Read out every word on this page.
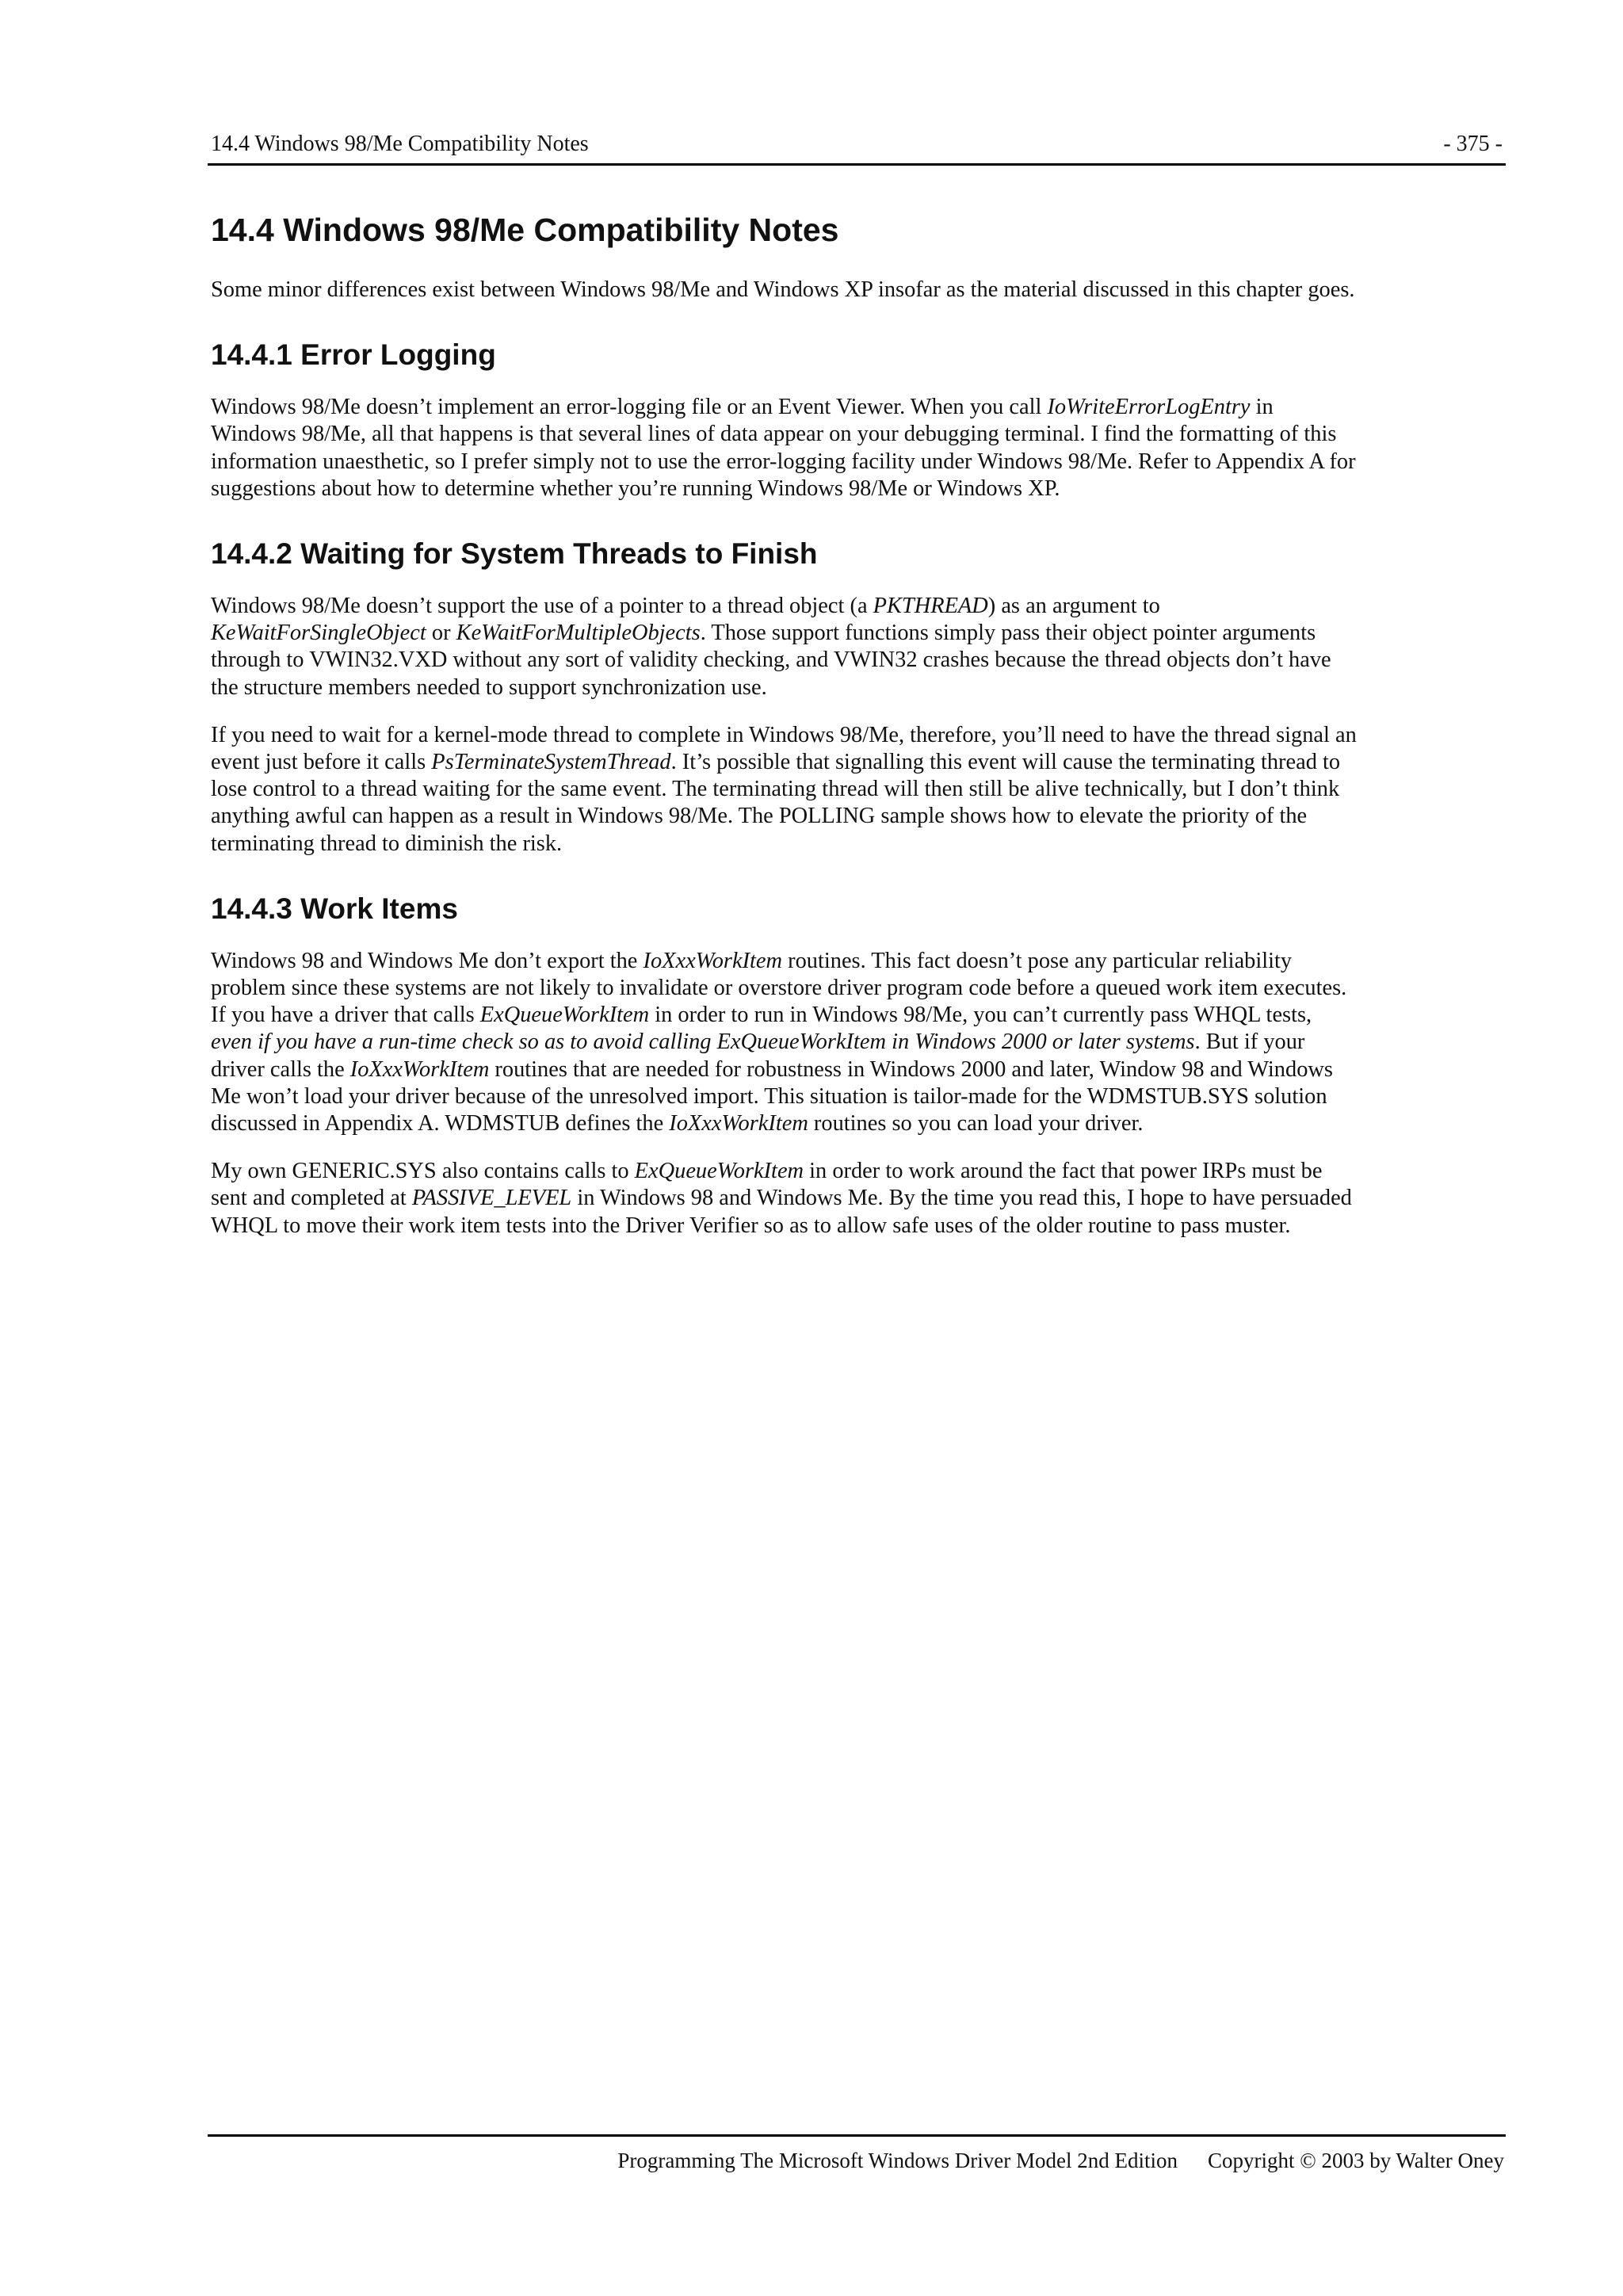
14.4 Windows 98/Me Compatibility Notes	- 375 -
14.4 Windows 98/Me Compatibility Notes

Some minor differences exist between Windows 98/Me and Windows XP insofar as the material discussed in this chapter goes.

14.4.1 Error Logging

Windows 98/Me doesn’t implement an error-logging file or an Event Viewer. When you call IoWriteErrorLogEntry in
Windows 98/Me, all that happens is that several lines of data appear on your debugging terminal. I find the formatting of this
information unaesthetic, so I prefer simply not to use the error-logging facility under Windows 98/Me. Refer to Appendix A for
suggestions about how to determine whether you’re running Windows 98/Me or Windows XP.

14.4.2 Waiting for System Threads to Finish

Windows 98/Me doesn’t support the use of a pointer to a thread object (a PKTHREAD) as an argument to
KeWaitForSingleObject or KeWaitForMultipleObjects. Those support functions simply pass their object pointer arguments
through to VWIN32.VXD without any sort of validity checking, and VWIN32 crashes because the thread objects don’t have
the structure members needed to support synchronization use.

If you need to wait for a kernel-mode thread to complete in Windows 98/Me, therefore, you’ll need to have the thread signal an
event just before it calls PsTerminateSystemThread. It’s possible that signalling this event will cause the terminating thread to
lose control to a thread waiting for the same event. The terminating thread will then still be alive technically, but I don’t think
anything awful can happen as a result in Windows 98/Me. The POLLING sample shows how to elevate the priority of the
terminating thread to diminish the risk.

14.4.3 Work Items

Windows 98 and Windows Me don’t export the IoXxxWorkItem routines. This fact doesn’t pose any particular reliability
problem since these systems are not likely to invalidate or overstore driver program code before a queued work item executes.
If you have a driver that calls ExQueueWorkItem in order to run in Windows 98/Me, you can’t currently pass WHQL tests,
even if you have a run-time check so as to avoid calling ExQueueWorkItem in Windows 2000 or later systems. But if your
driver calls the IoXxxWorkItem routines that are needed for robustness in Windows 2000 and later, Window 98 and Windows
Me won’t load your driver because of the unresolved import. This situation is tailor-made for the WDMSTUB.SYS solution
discussed in Appendix A. WDMSTUB defines the IoXxxWorkItem routines so you can load your driver.

My own GENERIC.SYS also contains calls to ExQueueWorkItem in order to work around the fact that power IRPs must be
sent and completed at PASSIVE_LEVEL in Windows 98 and Windows Me. By the time you read this, I hope to have persuaded
WHQL to move their work item tests into the Driver Verifier so as to allow safe uses of the older routine to pass muster.

Programming The Microsoft Windows Driver Model 2nd Edition Copyright © 2003 by Walter Oney
